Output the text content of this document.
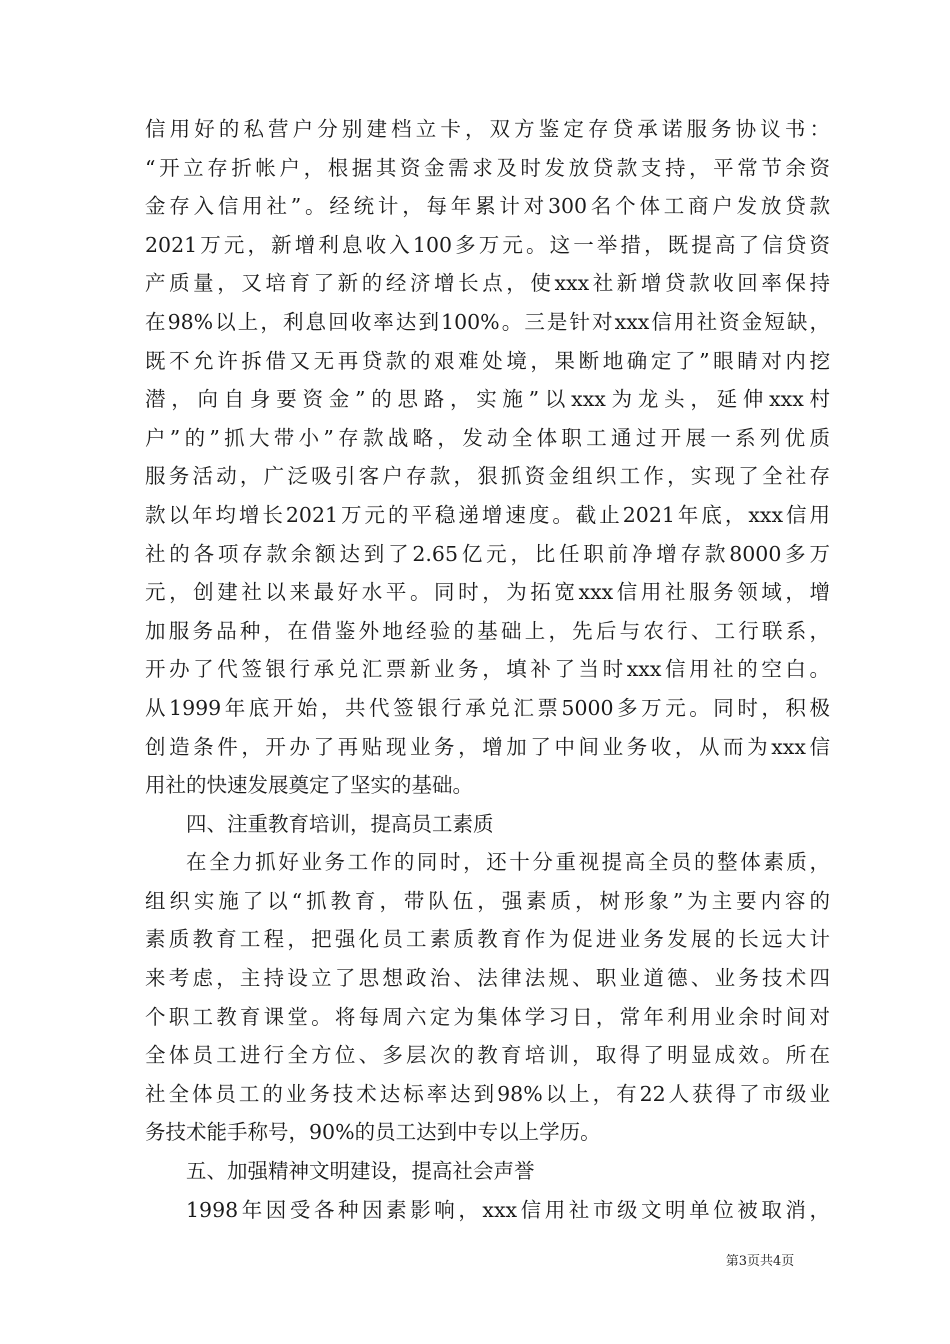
信用好的私营户分别建档立卡，双方鉴定存贷承诺服务协议书：
“开立存折帐户，根据其资金需求及时发放贷款支持，平常节余资
金存入信用社”。经统计，每年累计对300名个体工商户发放贷款
2021万元，新增利息收入100多万元。这一举措，既提高了信贷资
产质量，又培育了新的经济增长点，使xxx社新增贷款收回率保持
在98%以上，利息回收率达到100%。三是针对xxx信用社资金短缺，
既不允许拆借又无再贷款的艰难处境，果断地确定了”眼睛对内挖
潜，向自身要资金”的思路，实施”以xxx为龙头，延伸xxx村
户”的”抓大带小”存款战略，发动全体职工通过开展一系列优质
服务活动，广泛吸引客户存款，狠抓资金组织工作，实现了全社存
款以年均增长2021万元的平稳递增速度。截止2021年底，xxx信用
社的各项存款余额达到了2.65亿元，比任职前净增存款8000多万
元，创建社以来最好水平。同时，为拓宽xxx信用社服务领域，增
加服务品种，在借鉴外地经验的基础上，先后与农行、工行联系，
开办了代签银行承兑汇票新业务，填补了当时xxx信用社的空白。
从1999年底开始，共代签银行承兑汇票5000多万元。同时，积极
创造条件，开办了再贴现业务，增加了中间业务收，从而为xxx信
用社的快速发展奠定了坚实的基础。
四、注重教育培训，提高员工素质
在全力抓好业务工作的同时，还十分重视提高全员的整体素质，
组织实施了以“抓教育，带队伍，强素质，树形象”为主要内容的
素质教育工程，把强化员工素质教育作为促进业务发展的长远大计
来考虑，主持设立了思想政治、法律法规、职业道德、业务技术四
个职工教育课堂。将每周六定为集体学习日，常年利用业余时间对
全体员工进行全方位、多层次的教育培训，取得了明显成效。所在
社全体员工的业务技术达标率达到98%以上，有22人获得了市级业
务技术能手称号，90%的员工达到中专以上学历。
五、加强精神文明建设，提高社会声誉
1998年因受各种因素影响，xxx信用社市级文明单位被取消，
第3页共4页
